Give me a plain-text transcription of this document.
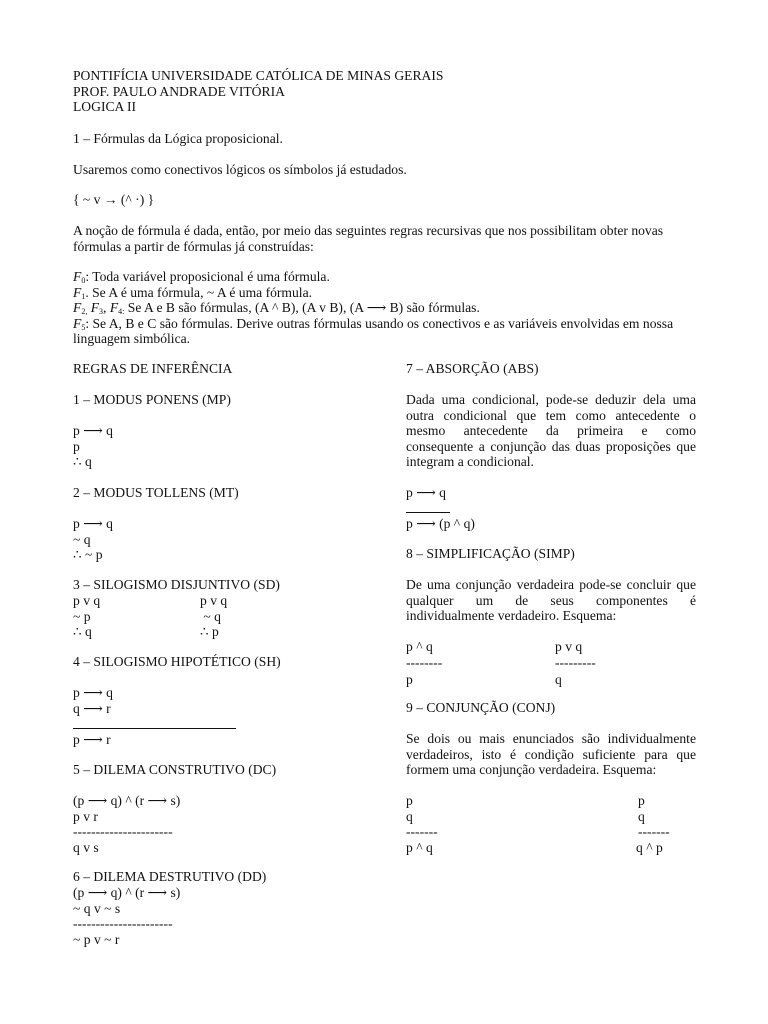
PONTIFÍCIA UNIVERSIDADE CATÓLICA DE MINAS GERAIS
PROF. PAULO ANDRADE VITÓRIA
LOGICA II
1 – Fórmulas da Lógica proposicional.
Usaremos como conectivos lógicos os símbolos já estudados.
{ ~ v → (^ ·) }
A noção de fórmula é dada, então, por meio das seguintes regras recursivas que nos possibilitam obter novas
fórmulas a partir de fórmulas já construídas:
$F_0$: Toda variável proposicional é uma fórmula.
$F_1$. Se A é uma fórmula, ~ A é uma fórmula.
$F_{2,}$ $F_3$, $F_{4:}$ Se A e B são fórmulas, (A ^ B), (A v B), (A ⟶ B) são fórmulas.
$F_5$: Se A, B e C são fórmulas. Derive outras fórmulas usando os conectivos e as variáveis envolvidas em nossa
linguagem simbólica.
REGRAS DE INFERÊNCIA
1 – MODUS PONENS (MP)
p ⟶ q
p
∴ q
2 – MODUS TOLLENS (MT)
p ⟶ q
~ q
∴ ~ p
3 – SILOGISMO DISJUNTIVO (SD)
p v q
~ p
∴ q
p v q
~ q
∴ p
4 – SILOGISMO HIPOTÉTICO (SH)
p ⟶ q
q ⟶ r
p ⟶ r
5 – DILEMA CONSTRUTIVO (DC)
(p ⟶ q) ^ (r ⟶ s)
p v r
----------------------
q v s
6 – DILEMA DESTRUTIVO (DD)
(p ⟶ q) ^ (r ⟶ s)
~ q v ~ s
----------------------
~ p v ~ r
7 – ABSORÇÃO (ABS)
Dada uma condicional, pode-se deduzir dela uma
outra condicional que tem como antecedente o
mesmo antecedente da primeira e como
consequente a conjunção das duas proposições que
integram a condicional.
p ⟶ q
p ⟶ (p ^ q)
8 – SIMPLIFICAÇÃO (SIMP)
De uma conjunção verdadeira pode-se concluir que
qualquer um de seus componentes é
individualmente verdadeiro. Esquema:
p ^ q
--------
p
p v q
---------
q
9 – CONJUNÇÃO (CONJ)
Se dois ou mais enunciados são individualmente
verdadeiros, isto é condição suficiente para que
formem uma conjunção verdadeira. Esquema:
p
q
-------
p ^ q
p
q
-------
q ^ p
